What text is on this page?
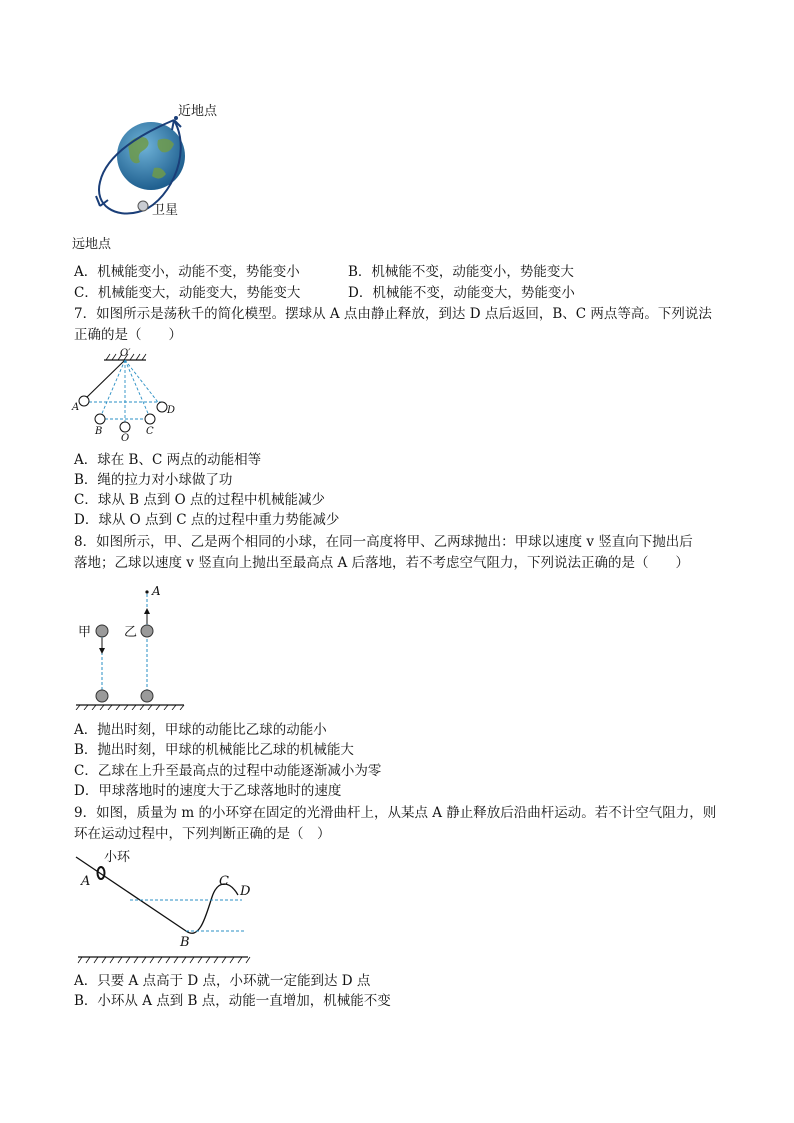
近地点
卫星
远地点
A．机械能变小，动能不变，势能变小	B．机械能不变，动能变小，势能变大
C．机械能变大，动能变大，势能变大	D．机械能不变，动能变大，势能变小
7．如图所示是荡秋千的简化模型。摆球从 A 点由静止释放，到达 D 点后返回，B、C 两点等高。下列说法
正确的是（　　）
O′
A
B
O
C
D
A．球在 B、C 两点的动能相等
B．绳的拉力对小球做了功
C．球从 B 点到 O 点的过程中机械能减少
D．球从 O 点到 C 点的过程中重力势能减少
8．如图所示，甲、乙是两个相同的小球，在同一高度将甲、乙两球抛出：甲球以速度 v 竖直向下抛出后
落地；乙球以速度 v 竖直向上抛出至最高点 A 后落地，若不考虑空气阻力，下列说法正确的是（　　）
甲	乙
A
A．抛出时刻，甲球的动能比乙球的动能小
B．抛出时刻，甲球的机械能比乙球的机械能大
C．乙球在上升至最高点的过程中动能逐渐减小为零
D．甲球落地时的速度大于乙球落地时的速度
9．如图，质量为 m 的小环穿在固定的光滑曲杆上，从某点 A 静止释放后沿曲杆运动。若不计空气阻力，则
环在运动过程中，下列判断正确的是（　）
小环
A	C
D
B
A．只要 A 点高于 D 点，小环就一定能到达 D 点
B．小环从 A 点到 B 点，动能一直增加，机械能不变
